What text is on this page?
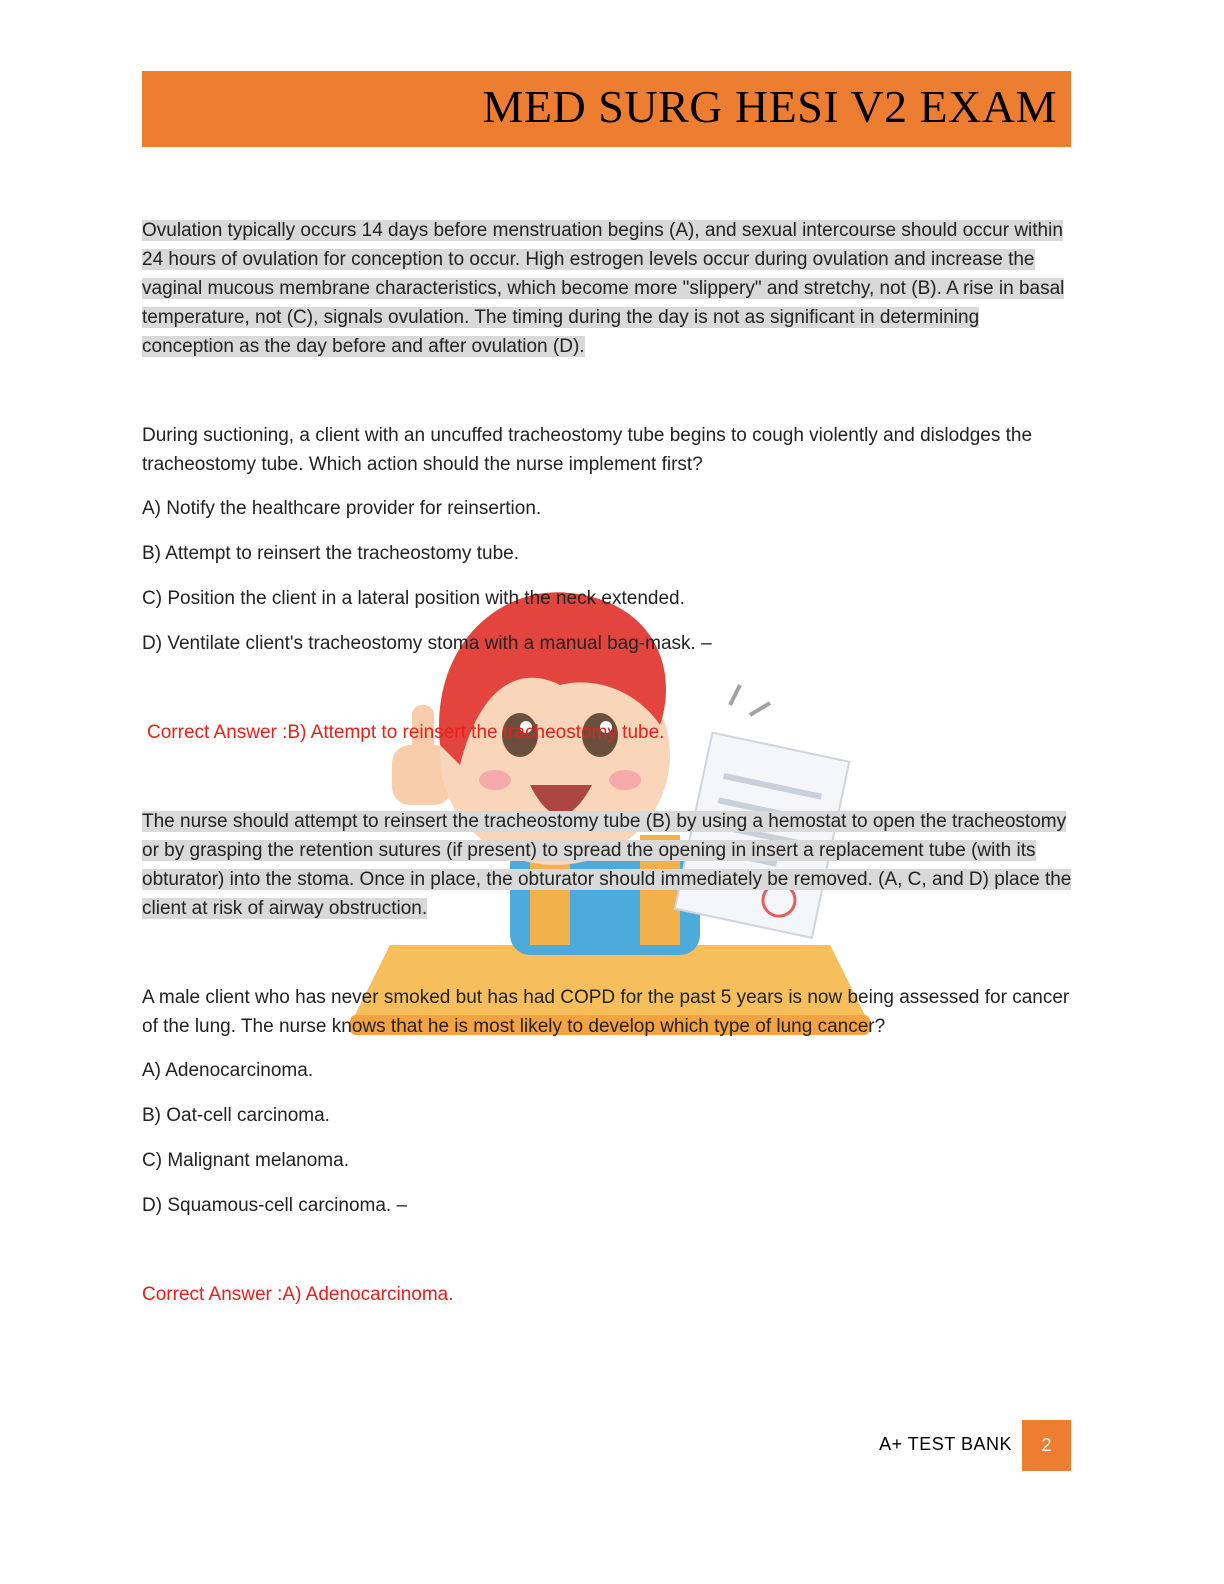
MED SURG HESI V2 EXAM

Ovulation typically occurs 14 days before menstruation begins (A), and sexual intercourse should occur within 24 hours of ovulation for conception to occur. High estrogen levels occur during ovulation and increase the vaginal mucous membrane characteristics, which become more "slippery" and stretchy, not (B). A rise in basal temperature, not (C), signals ovulation. The timing during the day is not as significant in determining conception as the day before and after ovulation (D).

During suctioning, a client with an uncuffed tracheostomy tube begins to cough violently and dislodges the tracheostomy tube. Which action should the nurse implement first?

A) Notify the healthcare provider for reinsertion.

B) Attempt to reinsert the tracheostomy tube.

C) Position the client in a lateral position with the neck extended.

D) Ventilate client's tracheostomy stoma with a manual bag-mask. –

Correct Answer :B) Attempt to reinsert the tracheostomy tube.

The nurse should attempt to reinsert the tracheostomy tube (B) by using a hemostat to open the tracheostomy or by grasping the retention sutures (if present) to spread the opening in insert a replacement tube (with its obturator) into the stoma. Once in place, the obturator should immediately be removed. (A, C, and D) place the client at risk of airway obstruction.

A male client who has never smoked but has had COPD for the past 5 years is now being assessed for cancer of the lung. The nurse knows that he is most likely to develop which type of lung cancer?

A) Adenocarcinoma.

B) Oat-cell carcinoma.

C) Malignant melanoma.

D) Squamous-cell carcinoma. –

Correct Answer :A) Adenocarcinoma.

A+ TEST BANK	2
